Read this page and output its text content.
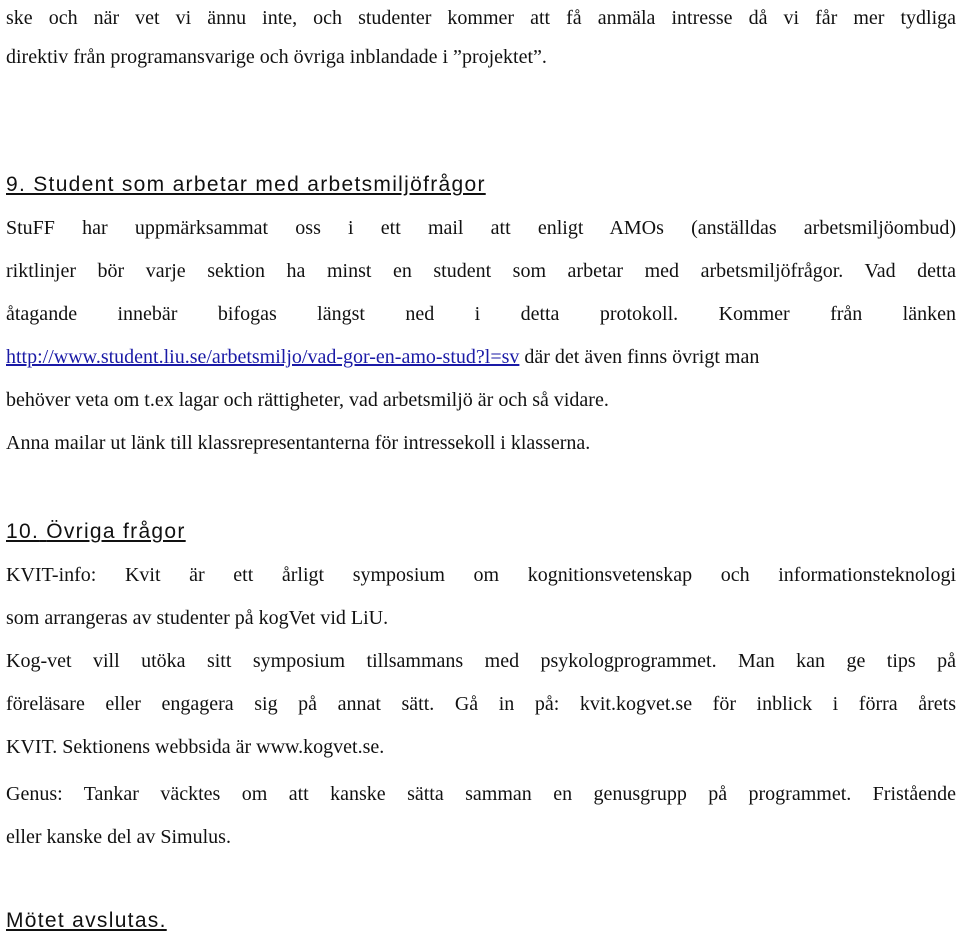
ske och när vet vi ännu inte, och studenter kommer att få anmäla intresse då vi får mer tydliga
direktiv från programansvarige och övriga inblandade i ”projektet”.
9. Student som arbetar med arbetsmiljöfrågor
StuFF har uppmärksammat oss i ett mail att enligt AMOs (anställdas arbetsmiljöombud)
riktlinjer bör varje sektion ha minst en student som arbetar med arbetsmiljöfrågor. Vad detta
åtagande innebär bifogas längst ned i detta protokoll. Kommer från länken
http://www.student.liu.se/arbetsmiljo/vad-gor-en-amo-stud?l=sv där det även finns övrigt man
behöver veta om t.ex lagar och rättigheter, vad arbetsmiljö är och så vidare.
Anna mailar ut länk till klassrepresentanterna för intressekoll i klasserna.
10. Övriga frågor
KVIT-info: Kvit är ett årligt symposium om kognitionsvetenskap och informationsteknologi
som arrangeras av studenter på kogVet vid LiU.
Kog-vet vill utöka sitt symposium tillsammans med psykologprogrammet. Man kan ge tips på
föreläsare eller engagera sig på annat sätt. Gå in på: kvit.kogvet.se för inblick i förra årets
KVIT. Sektionens webbsida är www.kogvet.se.
Genus: Tankar väcktes om att kanske sätta samman en genusgrupp på programmet. Fristående
eller kanske del av Simulus.
Mötet avslutas.
